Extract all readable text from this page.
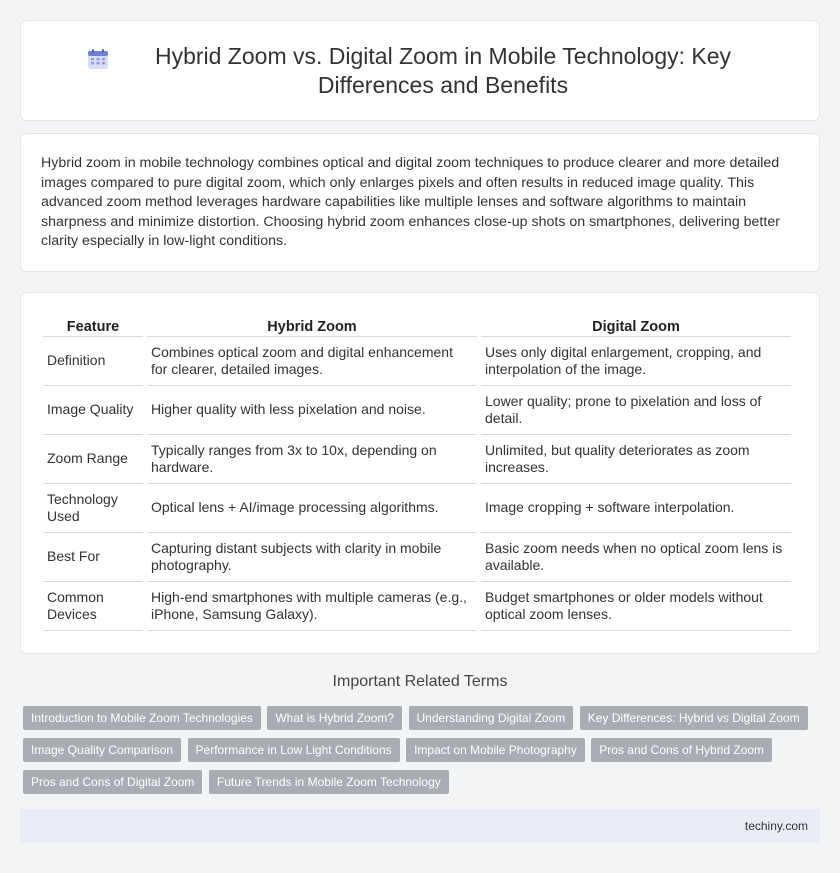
Hybrid Zoom vs. Digital Zoom in Mobile Technology: Key Differences and Benefits

Hybrid zoom in mobile technology combines optical and digital zoom techniques to produce clearer and more detailed images compared to pure digital zoom, which only enlarges pixels and often results in reduced image quality. This advanced zoom method leverages hardware capabilities like multiple lenses and software algorithms to maintain sharpness and minimize distortion. Choosing hybrid zoom enhances close-up shots on smartphones, delivering better clarity especially in low-light conditions.

Feature	Hybrid Zoom	Digital Zoom
Definition	Combines optical zoom and digital enhancement for clearer, detailed images.	Uses only digital enlargement, cropping, and interpolation of the image.
Image Quality	Higher quality with less pixelation and noise.	Lower quality; prone to pixelation and loss of detail.
Zoom Range	Typically ranges from 3x to 10x, depending on hardware.	Unlimited, but quality deteriorates as zoom increases.
Technology Used	Optical lens + AI/image processing algorithms.	Image cropping + software interpolation.
Best For	Capturing distant subjects with clarity in mobile photography.	Basic zoom needs when no optical zoom lens is available.
Common Devices	High-end smartphones with multiple cameras (e.g., iPhone, Samsung Galaxy).	Budget smartphones or older models without optical zoom lenses.
Important Related Terms
Introduction to Mobile Zoom Technologies What is Hybrid Zoom? Understanding Digital Zoom Key Differences: Hybrid vs Digital Zoom
Image Quality Comparison Performance in Low Light Conditions Impact on Mobile Photography Pros and Cons of Hybrid Zoom
Pros and Cons of Digital Zoom Future Trends in Mobile Zoom Technology
techiny.com
